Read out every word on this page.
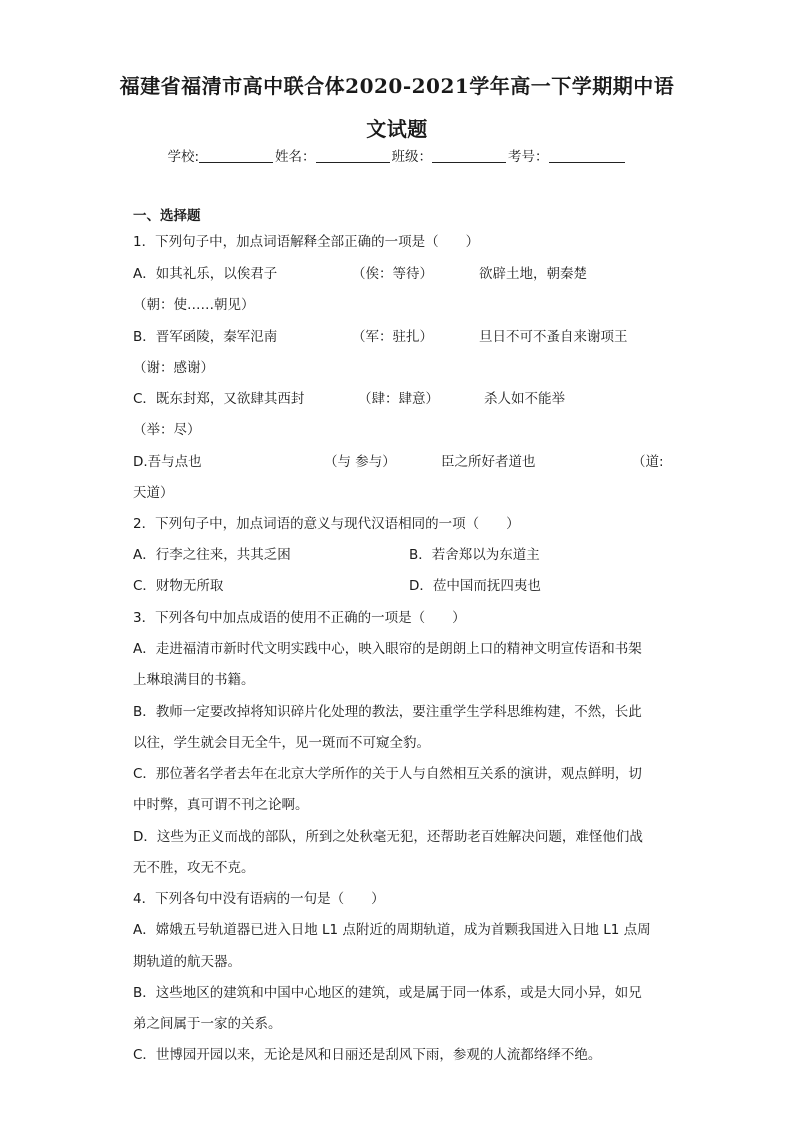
福建省福清市高中联合体2020-2021学年高一下学期期中语
文试题
学校:	姓名：	班级：	考号：
一、选择题
1．下列句子中，加点词语解释全部正确的一项是（　　）
A．如其礼乐，以俟君子	（俟：等待）	欲辟土地，朝秦楚
（朝：使……朝见）
B．晋军函陵，秦军氾南	（军：驻扎）	旦日不可不蚤自来谢项王
（谢：感谢）
C．既东封郑，又欲肆其西封	（肆：肆意）	杀人如不能举
（举：尽）
D.吾与点也	（与 参与）	臣之所好者道也	（道:
天道）
2．下列句子中，加点词语的意义与现代汉语相同的一项（　　）
A．行李之往来，共其乏困	B．若舍郑以为东道主
C．财物无所取	D．莅中国而抚四夷也
3．下列各句中加点成语的使用不正确的一项是（　　）
A．走进福清市新时代文明实践中心，映入眼帘的是朗朗上口的精神文明宣传语和书架
上琳琅满目的书籍。
B．教师一定要改掉将知识碎片化处理的教法，要注重学生学科思维构建，不然，长此
以往，学生就会目无全牛，见一斑而不可窥全豹。
C．那位著名学者去年在北京大学所作的关于人与自然相互关系的演讲，观点鲜明，切
中时弊，真可谓不刊之论啊。
D．这些为正义而战的部队，所到之处秋毫无犯，还帮助老百姓解决问题，难怪他们战
无不胜，攻无不克。
4．下列各句中没有语病的一句是（　　）
A．嫦娥五号轨道器已进入日地 L1 点附近的周期轨道，成为首颗我国进入日地 L1 点周
期轨道的航天器。
B．这些地区的建筑和中国中心地区的建筑，或是属于同一体系，或是大同小异，如兄
弟之间属于一家的关系。
C．世博园开园以来，无论是风和日丽还是刮风下雨，参观的人流都络绎不绝。
